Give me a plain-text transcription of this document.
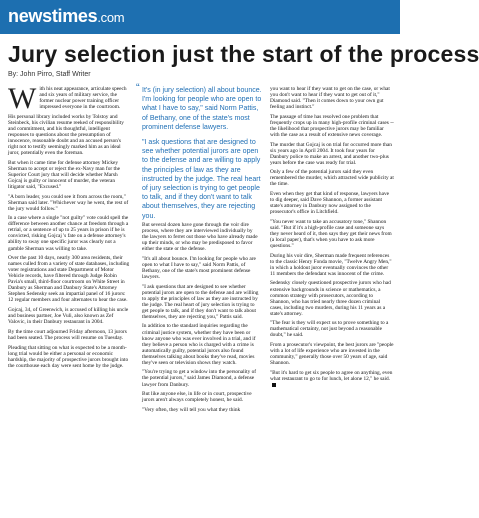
newstimes.com
Jury selection just the start of the process
By: John Pirro, Staff Writer

With his neat appearance, articulate speech and six years of military service, the former nuclear power training officer impressed everyone in the courtroom.

His personal library included works by Tolstoy and Steinbeck, his civilian resume reeked of responsibility and commitment, and his thoughtful, intelligent responses to questions about the presumption of innocence, reasonable doubt and an accused person's right not to testify seemingly marked him as an ideal juror, potentially even the foreman.

But when it came time for defense attorney Mickey Sherman to accept or reject the ex-Navy man for the Superior Court jury that will decide whether Marsh Gojcaj is guilty or innocent of murder, the veteran litigator said, "Excused."

"A born leader, you could see it from across the room," Sherman said later. "Whichever way he went, the rest of the jury would follow."

In a case where a single "not guilty" vote could spell the difference between another chance at freedom through a retrial, or a sentence of up to 25 years in prison if he is convicted, risking Gojcaj 's fate on a defense attorney's ability to sway one specific juror was clearly not a gamble Sherman was willing to take.

Over the past 10 days, nearly 300 area residents, their names culled from a variety of state databases, including voter registrations and state Department of Motor Vehicle records, have filtered through Judge Robin Pavia's small, third-floor courtroom on White Street in Danbury as Sherman and Danbury State's Attorney Stephen Sedensky seek an impartial panel of 16 jurors: 12 regular members and four alternates to hear the case.

Gojcaj, 34, of Greenwich, is accused of killing his uncle and business partner, Joe Vuli, also known as Zef Valovic, in their Danbury restaurant in 2004.

By the time court adjourned Friday afternoon, 13 jurors had been seated. The process will resume on Tuesday.

Pleading that sitting on what is expected to be a month-long trial would be either a personal or economic hardship, the majority of prospective jurors brought into the courthouse each day were sent home by the judge.

“ It's (in jury selection) all about bounce. I'm looking for people who are open to what I have to say," said Norm Pattis, of Bethany, one of the state's most prominent defense lawyers.

"I ask questions that are designed to see whether potential jurors are open to the defense and are willing to apply the principles of law as they are instructed by the judge. The real heart of jury selection is trying to get people to talk, and if they don't want to talk about themselves, they are rejecting you.

But several dozen have gone through the voir dire process, where they are interviewed individually by the lawyers to ferret out those who have already made up their minds, or who may be predisposed to favor either the state or the defense.

"It's all about bounce. I'm looking for people who are open to what I have to say," said Norm Pattis, of Bethany, one of the state's most prominent defense lawyers.

"I ask questions that are designed to see whether potential jurors are open to the defense and are willing to apply the principles of law as they are instructed by the judge. The real heart of jury selection is trying to get people to talk, and if they don't want to talk about themselves, they are rejecting you," Pattis said.

In addition to the standard inquiries regarding the criminal justice system, whether they have been or know anyone who was ever involved in a trial, and if they believe a person who is charged with a crime is automatically guilty, potential jurors also found themselves talking about books they've read, movies they've seen or television shows they watch.

"You're trying to get a window into the personality of the potential jurors," said James Diamond, a defense lawyer from Danbury.

But like anyone else, in life or in court, prospective jurors aren't always completely honest, he said.

"Very often, they will tell you what they think

you want to hear if they want to get on the case, or what you don't want to hear if they want to get out of it," Diamond said. "Then it comes down to your own gut feeling and instinct."

The passage of time has resolved one problem that frequently crops up in many high-profile criminal cases -- the likelihood that prospective jurors may be familiar with the case as a result of extensive news coverage.

The murder that Gojcaj is on trial for occurred more than six years ago in April 2004. It took four years for Danbury police to make an arrest, and another two-plus years before the case was ready for trial.

Only a few of the potential jurors said they even remembered the murder, which attracted wide publicity at the time.

Even when they get that kind of response, lawyers have to dig deeper, said Dave Shannon, a former assistant state's attorney in Danbury now assigned to the prosecutor's office in Litchfield.

"You never want to take an accusatory tone," Shannon said. "But if it's a high-profile case and someone says they never heard of it, then says they get their news from (a local paper), that's when you have to ask more questions."

During his voir dire, Sherman made frequent references to the classic Henry Fonda movie, "Twelve Angry Men," in which a holdout juror eventually convinces the other 11 members the defendant was innocent of the crime.

Sedensky closely questioned prospective jurors who had extensive backgrounds in science or mathematics, a common strategy with prosecutors, according to Shannon, who has tried nearly three dozen criminal cases, including two murders, during his 11 years as a state's attorney.

"The fear is they will expect us to prove something to a mathematical certainty, not just beyond a reasonable doubt," he said.

From a prosecutor's viewpoint, the best jurors are "people with a lot of life experience who are invested in the community," generally those over 50 years of age, said Shannon.

"But it's hard to get six people to agree on anything, even what restaurant to go to for lunch, let alone 12," he said.
